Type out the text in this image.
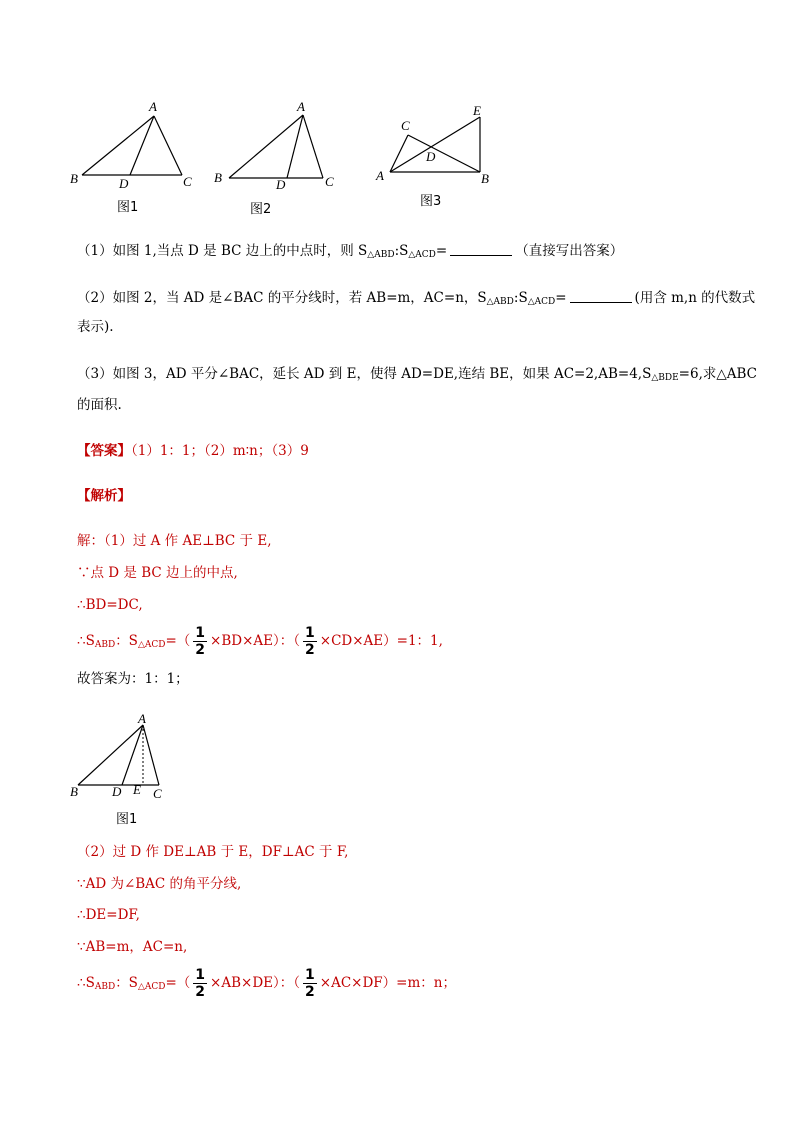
A
B	C
D
图1
A
B	C
D
图2
C
E
D
A	B
图3
（1）如图 1,当点 D 是 BC 边上的中点时，则 $S_{\triangle ABD}:S_{\triangle ACD}=$	（直接写出答案）
（2）如图 2，当 AD 是∠BAC 的平分线时，若 AB=m，AC=n，$S_{\triangle ABD}:S_{\triangle ACD}=$	(用含 m,n 的代数式
表示).
（3）如图 3，AD 平分∠BAC，延长 AD 到 E，使得 AD=DE,连结 BE，如果 $AC=2,AB=4,S_{\triangle BDE}=6$,求△ABC
的面积.
【答案】（1）1：1；（2）m∶n；（3）9
【解析】
解：（1）过 A 作 AE⊥BC 于 E,
∵点 D 是 BC 边上的中点,
∴BD=DC,
$\therefore S_{ABD}$：$S_{\triangle ACD}=( \frac{1}{2} \times BD\times AE)$：（ $\frac{1}{2} \times CD\times AE)=1$：1,
故答案为：1：1；
A
B	D E C
图1
（2）过 D 作 DE⊥AB 于 E，DF⊥AC 于 F,
∵AD 为∠BAC 的角平分线,
∴DE=DF,
∵AB=m，AC=n,
$\therefore S_{ABD}$：$S_{\triangle ACD}=( \frac{1}{2} \times AB\times DE)$：（ $\frac{1}{2} \times AC\times DF)=m$：n；
